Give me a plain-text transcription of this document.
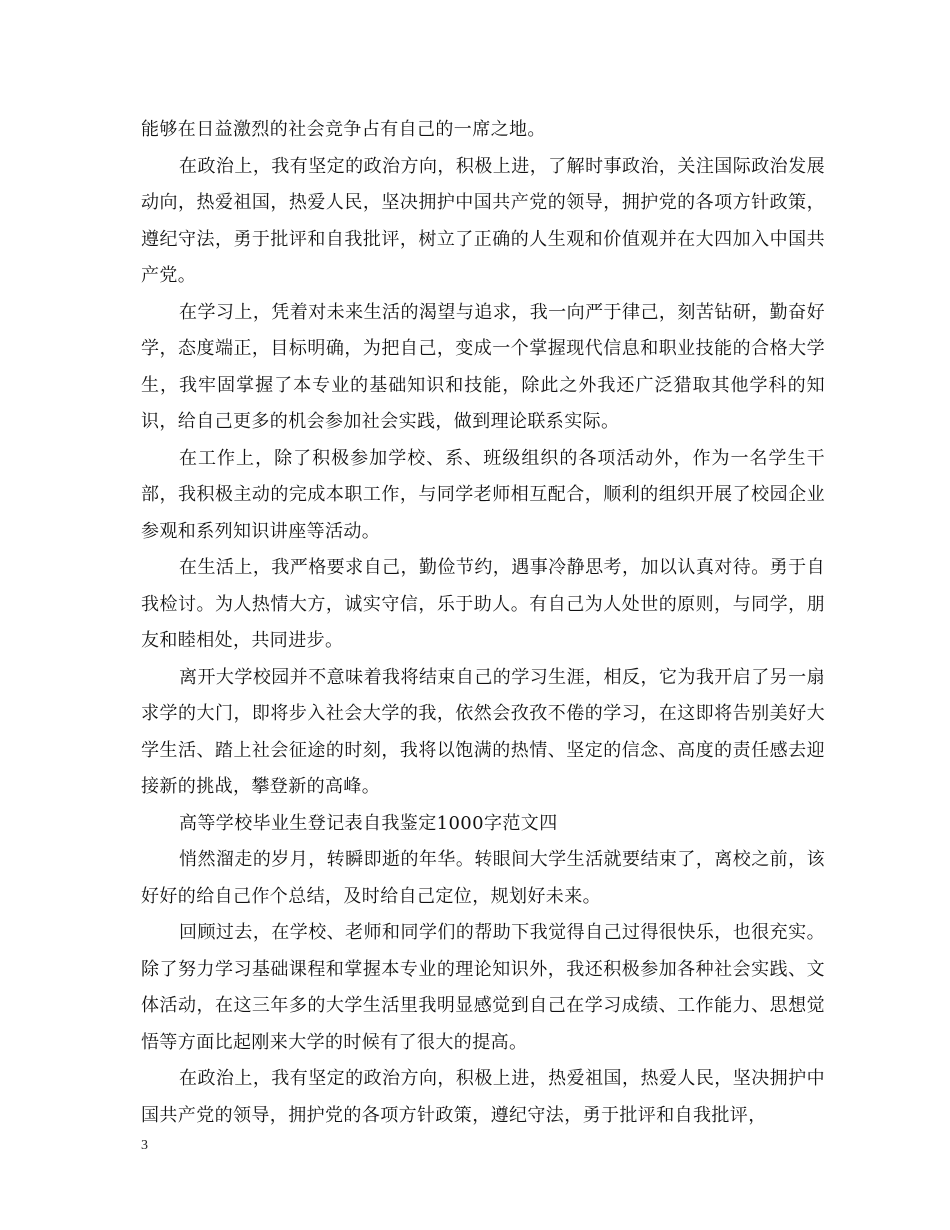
能够在日益激烈的社会竞争占有自己的一席之地。

在政治上，我有坚定的政治方向，积极上进，了解时事政治，关注国际政治发展动向，热爱祖国，热爱人民，坚决拥护中国共产党的领导，拥护党的各项方针政策，遵纪守法，勇于批评和自我批评，树立了正确的人生观和价值观并在大四加入中国共产党。

在学习上，凭着对未来生活的渴望与追求，我一向严于律己，刻苦钻研，勤奋好学，态度端正，目标明确，为把自己，变成一个掌握现代信息和职业技能的合格大学生，我牢固掌握了本专业的基础知识和技能，除此之外我还广泛猎取其他学科的知识，给自己更多的机会参加社会实践，做到理论联系实际。

在工作上，除了积极参加学校、系、班级组织的各项活动外，作为一名学生干部，我积极主动的完成本职工作，与同学老师相互配合，顺利的组织开展了校园企业参观和系列知识讲座等活动。

在生活上，我严格要求自己，勤俭节约，遇事冷静思考，加以认真对待。勇于自我检讨。为人热情大方，诚实守信，乐于助人。有自己为人处世的原则，与同学，朋友和睦相处，共同进步。

离开大学校园并不意味着我将结束自己的学习生涯，相反，它为我开启了另一扇求学的大门，即将步入社会大学的我，依然会孜孜不倦的学习，在这即将告别美好大学生活、踏上社会征途的时刻，我将以饱满的热情、坚定的信念、高度的责任感去迎接新的挑战，攀登新的高峰。

高等学校毕业生登记表自我鉴定1000字范文四

悄然溜走的岁月，转瞬即逝的年华。转眼间大学生活就要结束了，离校之前，该好好的给自己作个总结，及时给自己定位，规划好未来。

回顾过去，在学校、老师和同学们的帮助下我觉得自己过得很快乐，也很充实。除了努力学习基础课程和掌握本专业的理论知识外，我还积极参加各种社会实践、文体活动，在这三年多的大学生活里我明显感觉到自己在学习成绩、工作能力、思想觉悟等方面比起刚来大学的时候有了很大的提高。

在政治上，我有坚定的政治方向，积极上进，热爱祖国，热爱人民，坚决拥护中国共产党的领导，拥护党的各项方针政策，遵纪守法，勇于批评和自我批评，

3
